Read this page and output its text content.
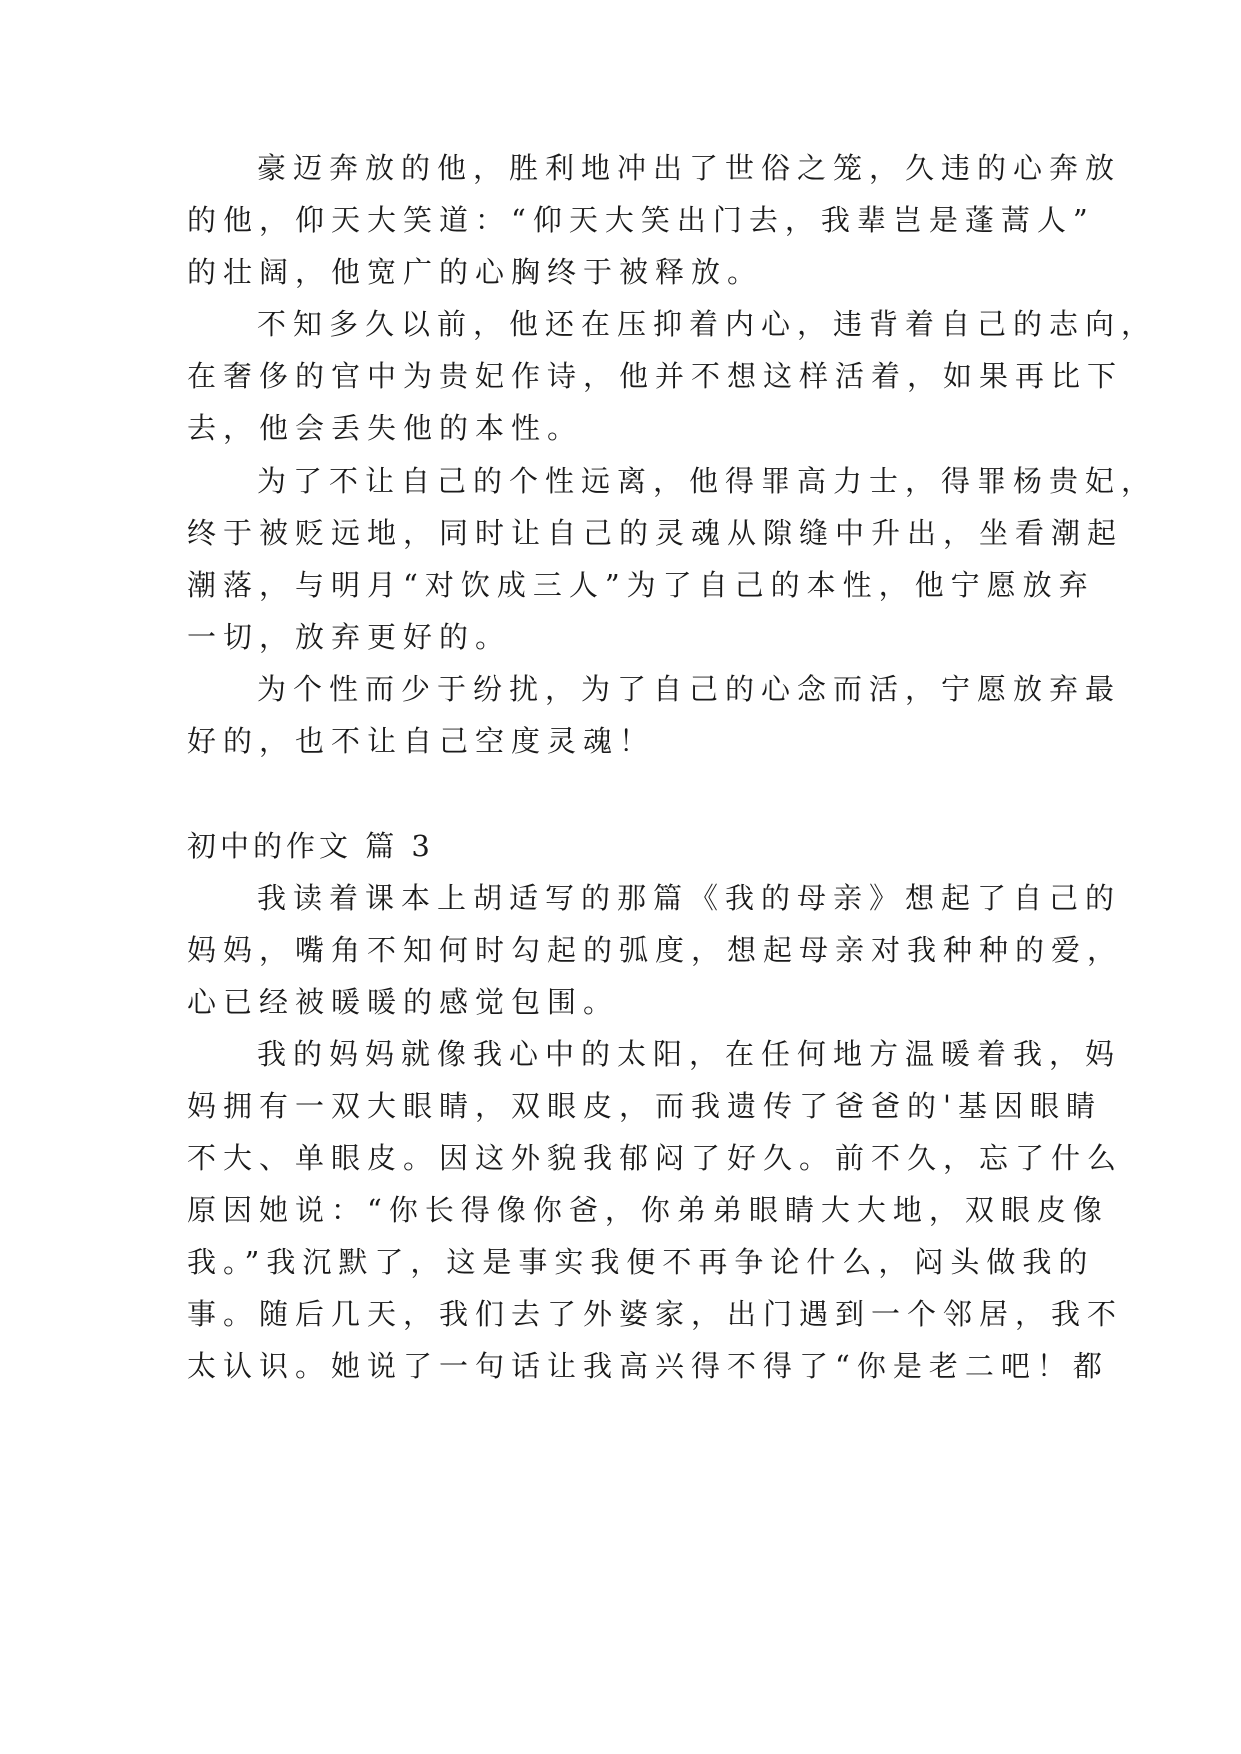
豪迈奔放的他，胜利地冲出了世俗之笼，久违的心奔放
的他，仰天大笑道：“仰天大笑出门去，我辈岂是蓬蒿人”
的壮阔，他宽广的心胸终于被释放。
不知多久以前，他还在压抑着内心，违背着自己的志向，
在奢侈的官中为贵妃作诗，他并不想这样活着，如果再比下
去，他会丢失他的本性。
为了不让自己的个性远离，他得罪高力士，得罪杨贵妃，
终于被贬远地，同时让自己的灵魂从隙缝中升出，坐看潮起
潮落，与明月“对饮成三人”为了自己的本性，他宁愿放弃
一切，放弃更好的。
为个性而少于纷扰，为了自己的心念而活，宁愿放弃最
好的，也不让自己空度灵魂！
初中的作文 篇 3
我读着课本上胡适写的那篇《我的母亲》想起了自己的
妈妈，嘴角不知何时勾起的弧度，想起母亲对我种种的爱，
心已经被暖暖的感觉包围。
我的妈妈就像我心中的太阳，在任何地方温暖着我，妈
妈拥有一双大眼睛，双眼皮，而我遗传了爸爸的'基因眼睛
不大、单眼皮。因这外貌我郁闷了好久。前不久，忘了什么
原因她说：“你长得像你爸，你弟弟眼睛大大地，双眼皮像
我。”我沉默了，这是事实我便不再争论什么，闷头做我的
事。随后几天，我们去了外婆家，出门遇到一个邻居，我不
太认识。她说了一句话让我高兴得不得了“你是老二吧！都
